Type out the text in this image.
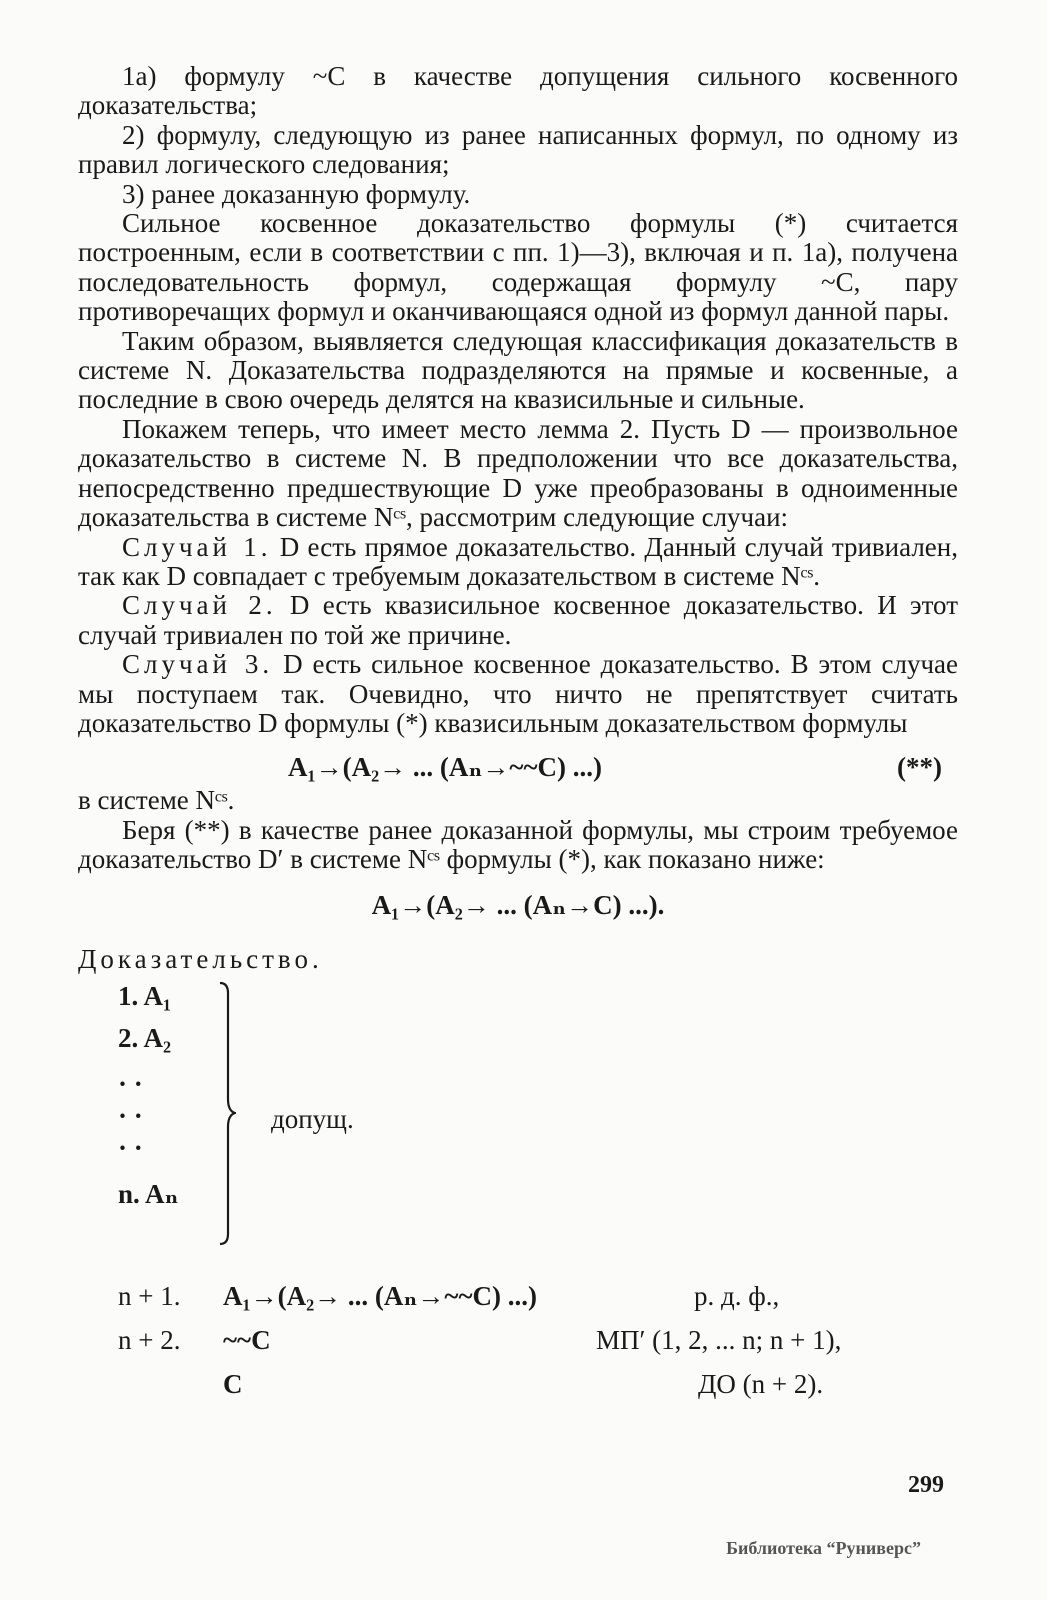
1а) формулу ~C в качестве допущения сильного косвенного доказательства;

2) формулу, следующую из ранее написанных формул, по одному из правил логического следования;

3) ранее доказанную формулу.

Сильное косвенное доказательство формулы (*) считается построенным, если в соответствии с пп. 1)—3), включая и п. 1а), получена последовательность формул, содержащая формулу ~C, пару противоречащих формул и оканчивающаяся одной из формул данной пары.

Таким образом, выявляется следующая классификация доказательств в системе N. Доказательства подразделяются на прямые и косвенные, а последние в свою очередь делятся на квазисильные и сильные.

Покажем теперь, что имеет место лемма 2. Пусть D — произвольное доказательство в системе N. В предположении что все доказательства, непосредственно предшествующие D уже преобразованы в одноименные доказательства в системе Nᶜˢ, рассмотрим следующие случаи:

Случай 1. D есть прямое доказательство. Данный случай тривиален, так как D совпадает с требуемым доказательством в системе Nᶜˢ.

Случай 2. D есть квазисильное косвенное доказательство. И этот случай тривиален по той же причине.

Случай 3. D есть сильное косвенное доказательство. В этом случае мы поступаем так. Очевидно, что ничто не препятствует считать доказательство D формулы (*) квазисильным доказательством формулы

A₁→(A₂→ ... (Aₙ→~~C) ...)	(**)

в системе Nᶜˢ.

Беря (**) в качестве ранее доказанной формулы, мы строим требуемое доказательство D′ в системе Nᶜˢ формулы (*), как показано ниже:

A₁→(A₂→ ... (Aₙ→C) ...).
Доказательство.
1. A₁
2. A₂
· ·
· ·
· ·
n. Aₙ
допущ.
n + 1. A₁→(A₂→ ... (Aₙ→~~C) ...)	р. д. ф.,
n + 2. ~~C	МП′ (1, 2, ... n; n + 1),
C	ДО (n + 2).
299
Библиотека “Руниверс”
